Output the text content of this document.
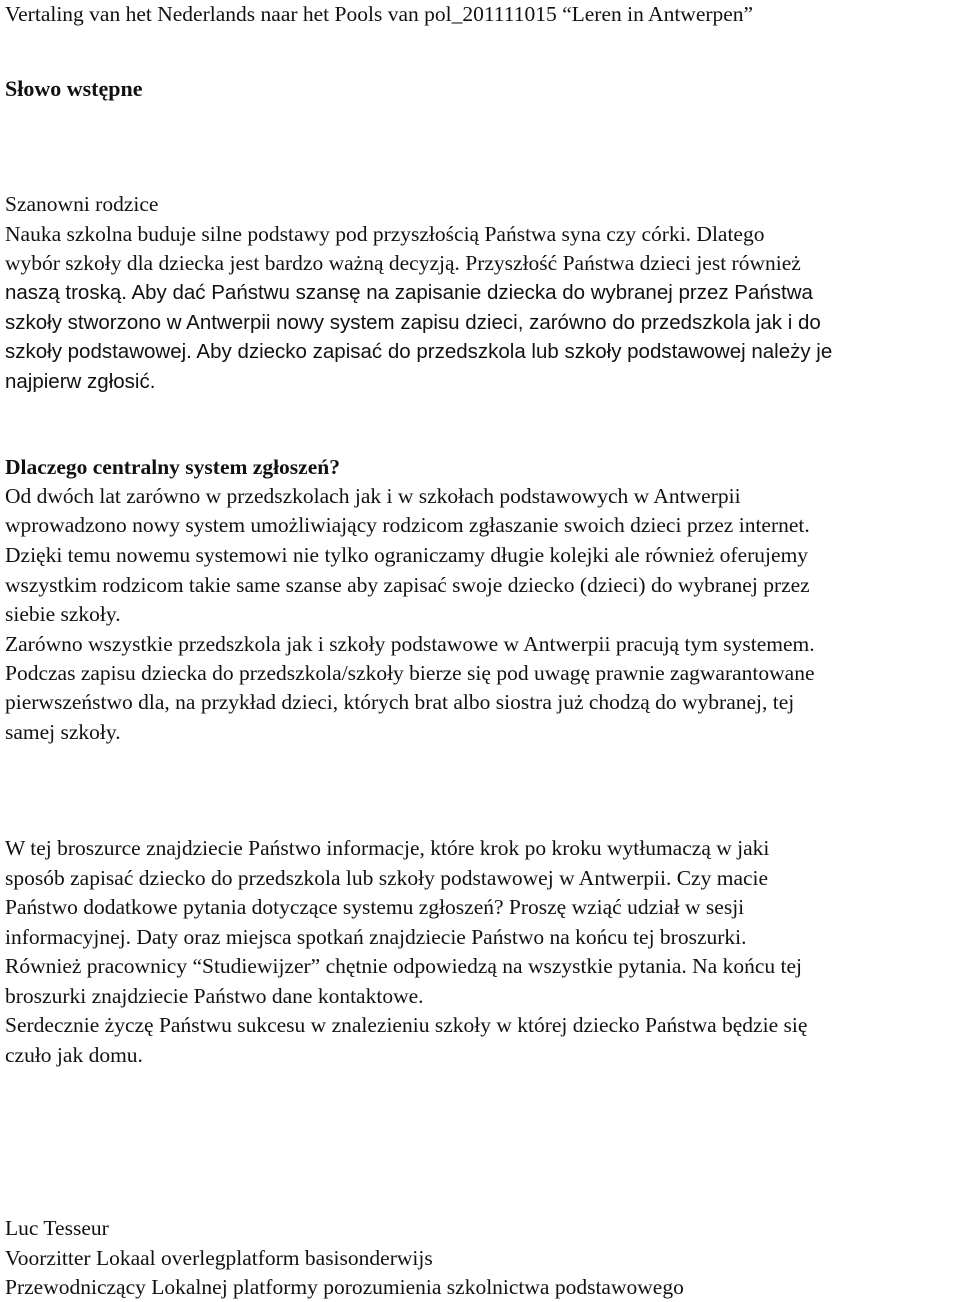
Vertaling van het Nederlands naar het Pools van pol_201111015 “Leren in Antwerpen”
Słowo wstępne
Szanowni rodzice
Nauka szkolna buduje silne podstawy pod przyszłością Państwa syna czy córki. Dlatego
wybór szkoły dla dziecka jest bardzo ważną decyzją. Przyszłość Państwa dzieci jest również
naszą troską. Aby dać Państwu szansę na zapisanie dziecka do wybranej przez Państwa
szkoły stworzono w Antwerpii nowy system zapisu dzieci, zarówno do przedszkola jak i do
szkoły podstawowej. Aby dziecko zapisać do przedszkola lub szkoły podstawowej należy je
najpierw zgłosić.
Dlaczego centralny system zgłoszeń?
Od dwóch lat zarówno w przedszkolach jak i w szkołach podstawowych w Antwerpii
wprowadzono nowy system umożliwiający rodzicom zgłaszanie swoich dzieci przez internet.
Dzięki temu nowemu systemowi nie tylko ograniczamy długie kolejki ale również oferujemy
wszystkim rodzicom takie same szanse aby zapisać swoje dziecko (dzieci) do wybranej przez
siebie szkoły.
Zarówno wszystkie przedszkola jak i szkoły podstawowe w Antwerpii pracują tym systemem.
Podczas zapisu dziecka do przedszkola/szkoły bierze się pod uwagę prawnie zagwarantowane
pierwszeństwo dla, na przykład dzieci, których brat albo siostra już chodzą do wybranej, tej
samej szkoły.
W tej broszurce znajdziecie Państwo informacje, które krok po kroku wytłumaczą w jaki
sposób zapisać dziecko do przedszkola lub szkoły podstawowej w Antwerpii. Czy macie
Państwo dodatkowe pytania dotyczące systemu zgłoszeń? Proszę wziąć udział w sesji
informacyjnej. Daty oraz miejsca spotkań znajdziecie Państwo na końcu tej broszurki.
Również pracownicy “Studiewijzer” chętnie odpowiedzą na wszystkie pytania. Na końcu tej
broszurki znajdziecie Państwo dane kontaktowe.
Serdecznie życzę Państwu sukcesu w znalezieniu szkoły w której dziecko Państwa będzie się
czuło jak domu.
Luc Tesseur
Voorzitter Lokaal overlegplatform basisonderwijs
Przewodniczący Lokalnej platformy porozumienia szkolnictwa podstawowego
